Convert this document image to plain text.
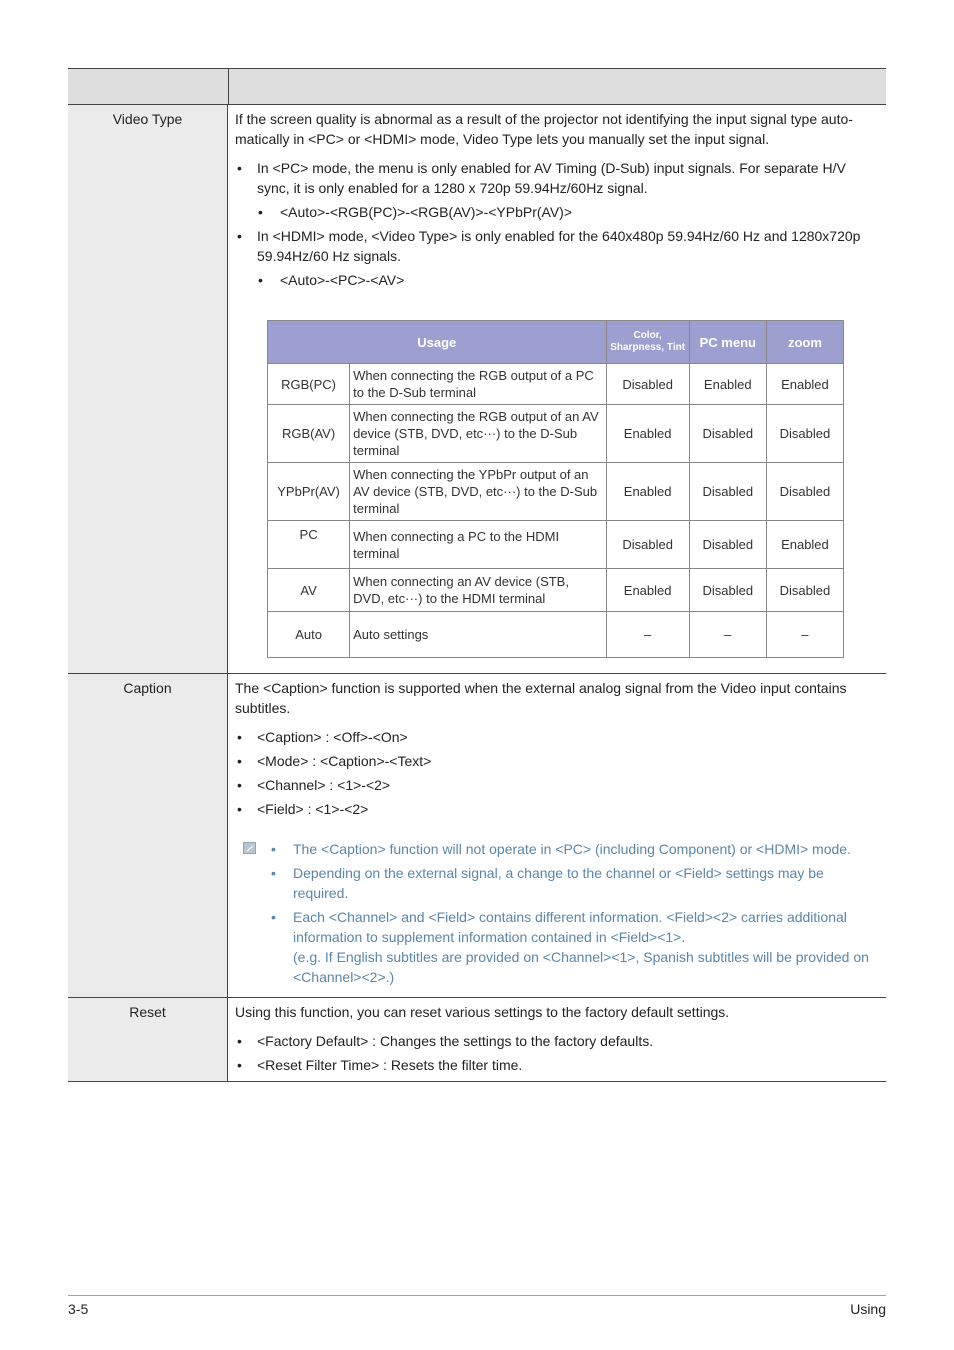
Video Type	If the screen quality is abnormal as a result of the projector not identifying the input signal type auto-matically in <PC> or <HDMI> mode, Video Type lets you manually set the input signal.

• In <PC> mode, the menu is only enabled for AV Timing (D-Sub) input signals. For separate H/V sync, it is only enabled for a 1280 x 720p 59.94Hz/60Hz signal.
• <Auto>-<RGB(PC)>-<RGB(AV)>-<YPbPr(AV)>
• In <HDMI> mode, <Video Type> is only enabled for the 640x480p 59.94Hz/60 Hz and 1280x720p 59.94Hz/60 Hz signals.
• <Auto>-<PC>-<AV>
Usage		Color, Sharpness, Tint	PC menu	zoom
RGB(PC)	When connecting the RGB output of a PC to the D-Sub terminal	Disabled	Enabled	Enabled
RGB(AV)	When connecting the RGB output of an AV device (STB, DVD, etc···) to the D-Sub terminal	Enabled	Disabled	Disabled
YPbPr(AV)	When connecting the YPbPr output of an AV device (STB, DVD, etc···) to the D-Sub terminal	Enabled	Disabled	Disabled
PC	When connecting a PC to the HDMI terminal	Disabled	Disabled	Enabled
AV	When connecting an AV device (STB, DVD, etc···) to the HDMI terminal	Enabled	Disabled	Disabled
Auto	Auto settings	–	–	–
Caption	The <Caption> function is supported when the external analog signal from the Video input contains subtitles.

• <Caption> : <Off>-<On>
• <Mode> : <Caption>-<Text>
• <Channel> : <1>-<2>
• <Field> : <1>-<2>
• The <Caption> function will not operate in <PC> (including Component) or <HDMI> mode.
• Depending on the external signal, a change to the channel or <Field> settings may be required.
• Each <Channel> and <Field> contains different information. <Field><2> carries additional information to supplement information contained in <Field><1>.
(e.g. If English subtitles are provided on <Channel><1>, Spanish subtitles will be provided on <Channel><2>.)
Reset	Using this function, you can reset various settings to the factory default settings.

• <Factory Default> : Changes the settings to the factory defaults.
• <Reset Filter Time> : Resets the filter time.
3-5	Using
